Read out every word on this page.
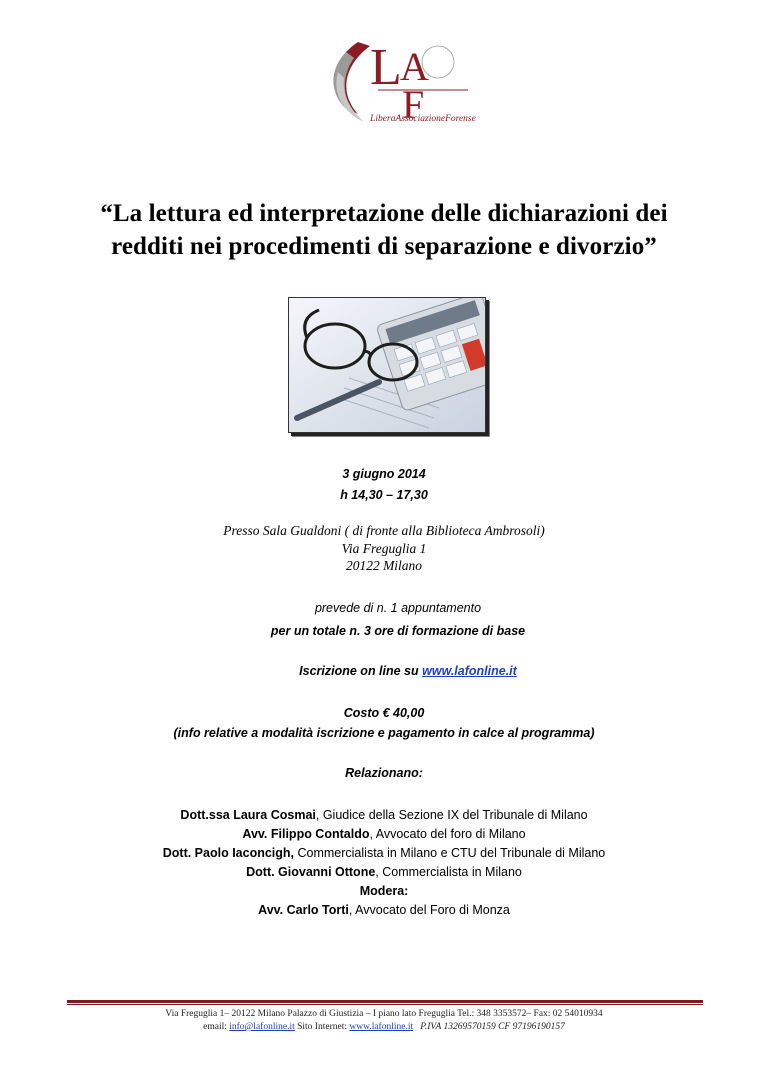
L
A
F
LiberaAssociazioneForense
“La lettura ed interpretazione delle dichiarazioni dei
redditi nei procedimenti di separazione e divorzio”
3 giugno 2014
h 14,30 – 17,30
Presso Sala Gualdoni ( di fronte alla Biblioteca Ambrosoli)
Via Freguglia 1
20122 Milano
prevede di n. 1 appuntamento
per un totale n. 3 ore di formazione di base
Iscrizione on line su www.lafonline.it
Costo € 40,00
(info relative a modalità iscrizione e pagamento in calce al programma)
Relazionano:
Dott.ssa Laura Cosmai, Giudice della Sezione IX del Tribunale di Milano
Avv. Filippo Contaldo, Avvocato del foro di Milano
Dott. Paolo Iaconcigh, Commercialista in Milano e CTU del Tribunale di Milano
Dott. Giovanni Ottone, Commercialista in Milano
Modera:
Avv. Carlo Torti, Avvocato del Foro di Monza
Via Freguglia 1– 20122 Milano Palazzo di Giustizia – I piano lato Freguglia Tel.: 348 3353572– Fax: 02 54010934
email: info@lafonline.it Sito Internet: www.lafonline.it P.IVA 13269570159 CF 97196190157
